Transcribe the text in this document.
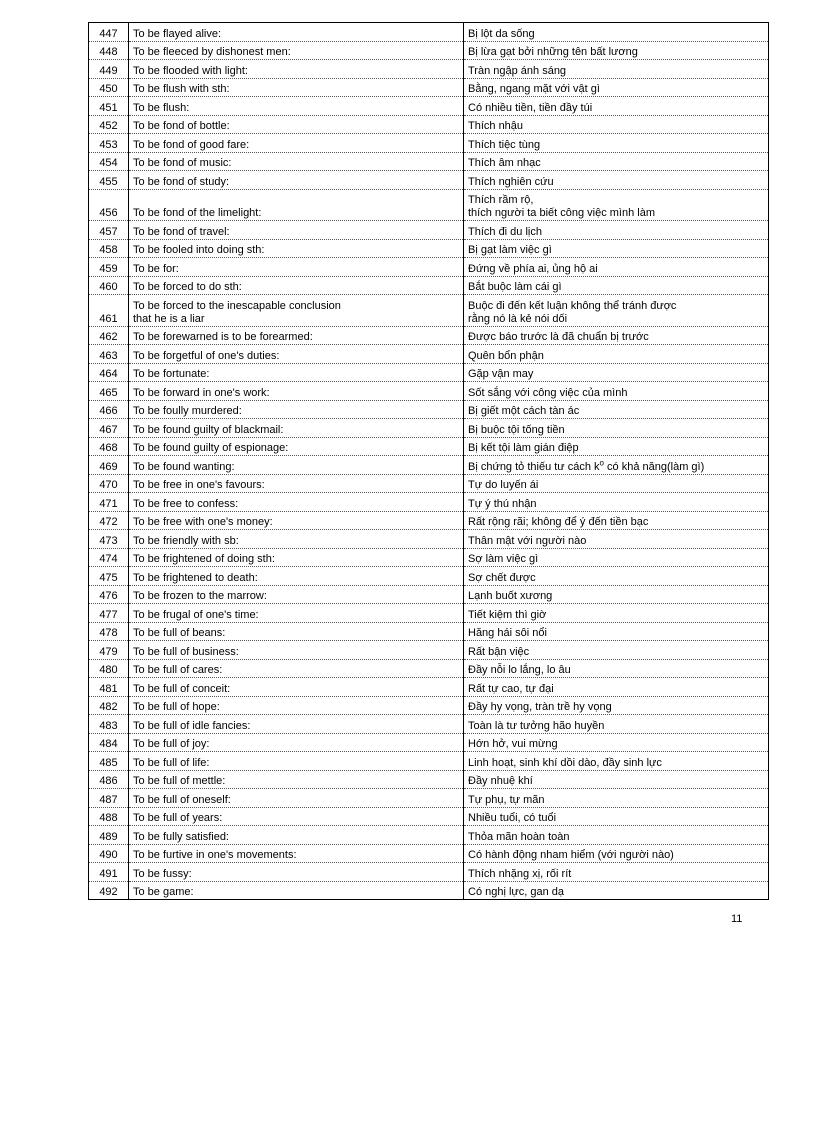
447	To be flayed alive:	Bị lột da sống
448	To be fleeced by dishonest men:	Bị lừa gạt bởi những tên bất lương
449	To be flooded with light:	Tràn ngập ánh sáng
450	To be flush with sth:	Bằng, ngang mặt với vật gì
451	To be flush:	Có nhiều tiền, tiền đầy túi
452	To be fond of bottle:	Thích nhậu
453	To be fond of good fare:	Thích tiệc tùng
454	To be fond of music:	Thích âm nhạc
455	To be fond of study:	Thích nghiên cứu
456	To be fond of the limelight:	Thích rầm rộ,
thích người ta biết công việc mình làm
457	To be fond of travel:	Thích đi du lịch
458	To be fooled into doing sth:	Bị gạt làm việc gì
459	To be for:	Đứng về phía ai, ủng hộ ai
460	To be forced to do sth:	Bắt buộc làm cái gì
461	To be forced to the inescapable conclusion
that he is a liar	Buộc đi đến kết luận không thể tránh được
rằng nó là kẻ nói dối
462	To be forewarned is to be forearmed:	Được báo trước là đã chuẩn bị trước
463	To be forgetful of one's duties:	Quên bổn phận
464	To be fortunate:	Gặp vận may
465	To be forward in one's work:	Sốt sắng với công việc của mình
466	To be foully murdered:	Bị giết một cách tàn ác
467	To be found guilty of blackmail:	Bị buộc tội tống tiền
468	To be found guilty of espionage:	Bị kết tội làm gián điệp
469	To be found wanting:	Bị chứng tỏ thiếu tư cách $k^o$ có khả năng(làm gì)
470	To be free in one's favours:	Tự do luyến ái
471	To be free to confess:	Tự ý thú nhận
472	To be free with one's money:	Rất rộng rãi; không để ý đến tiền bạc
473	To be friendly with sb:	Thân mật với người nào
474	To be frightened of doing sth:	Sợ làm việc gì
475	To be frightened to death:	Sợ chết được
476	To be frozen to the marrow:	Lạnh buốt xương
477	To be frugal of one's time:	Tiết kiệm thì giờ
478	To be full of beans:	Hăng hái sôi nổi
479	To be full of business:	Rất bận việc
480	To be full of cares:	Đầy nỗi lo lắng, lo âu
481	To be full of conceit:	Rất tự cao, tự đại
482	To be full of hope:	Đầy hy vọng, tràn trề hy vọng
483	To be full of idle fancies:	Toàn là tư tưởng hão huyền
484	To be full of joy:	Hớn hở, vui mừng
485	To be full of life:	Linh hoạt, sinh khí dồi dào, đầy sinh lực
486	To be full of mettle:	Đầy nhuệ khí
487	To be full of oneself:	Tự phụ, tự mãn
488	To be full of years:	Nhiều tuổi, có tuổi
489	To be fully satisfied:	Thỏa mãn hoàn toàn
490	To be furtive in one's movements:	Có hành động nham hiểm (với người nào)
491	To be fussy:	Thích nhặng xị, rối rít
492	To be game:	Có nghị lực, gan dạ
11
